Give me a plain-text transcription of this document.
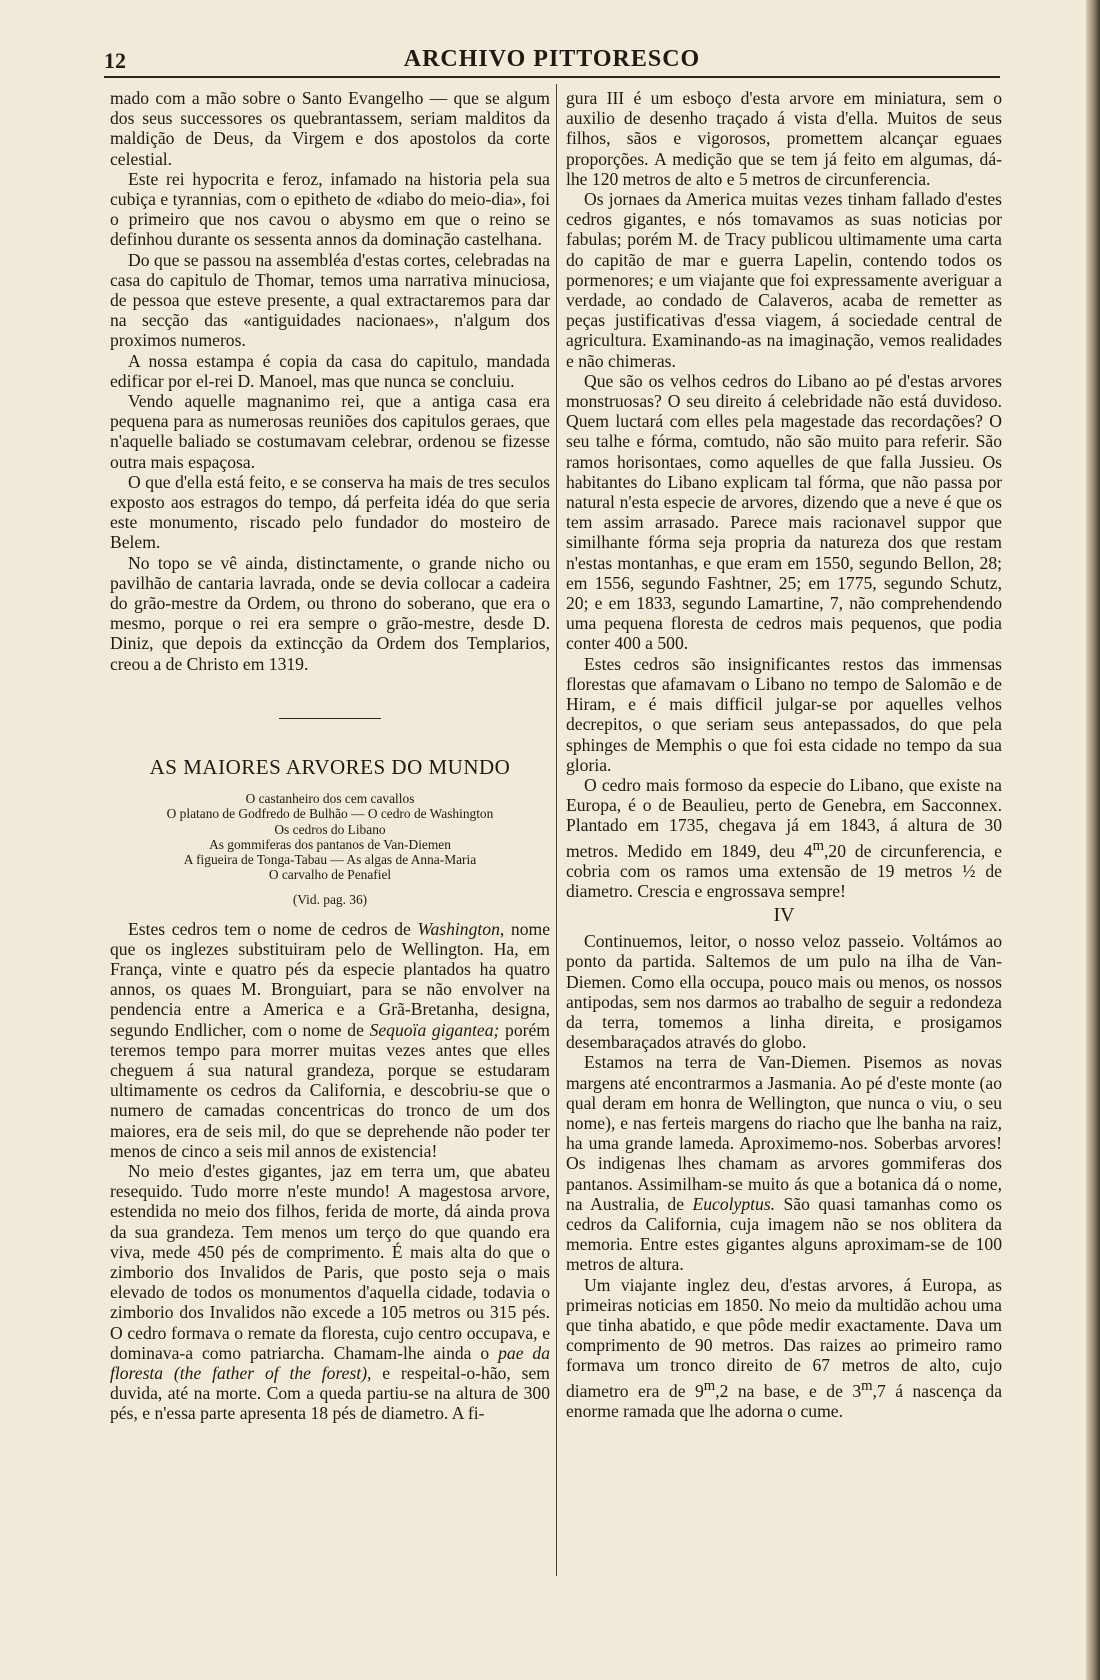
12	ARCHIVO PITTORESCO

mado com a mão sobre o Santo Evangelho — que se algum dos seus successores os quebrantassem, seriam malditos da maldição de Deus, da Virgem e dos apostolos da corte celestial.

Este rei hypocrita e feroz, infamado na historia pela sua cubiça e tyrannias, com o epitheto de «diabo do meio-dia», foi o primeiro que nos cavou o abysmo em que o reino se definhou durante os sessenta annos da dominação castelhana.

Do que se passou na assembléa d'estas cortes, celebradas na casa do capitulo de Thomar, temos uma narrativa minuciosa, de pessoa que esteve presente, a qual extractaremos para dar na secção das «antiguidades nacionaes», n'algum dos proximos numeros.

A nossa estampa é copia da casa do capitulo, mandada edificar por el-rei D. Manoel, mas que nunca se concluiu.

Vendo aquelle magnanimo rei, que a antiga casa era pequena para as numerosas reuniões dos capitulos geraes, que n'aquelle baliado se costumavam celebrar, ordenou se fizesse outra mais espaçosa.

O que d'ella está feito, e se conserva ha mais de tres seculos exposto aos estragos do tempo, dá perfeita idéa do que seria este monumento, riscado pelo fundador do mosteiro de Belem.

No topo se vê ainda, distinctamente, o grande nicho ou pavilhão de cantaria lavrada, onde se devia collocar a cadeira do grão-mestre da Ordem, ou throno do soberano, que era o mesmo, porque o rei era sempre o grão-mestre, desde D. Diniz, que depois da extincção da Ordem dos Templarios, creou a de Christo em 1319.

AS MAIORES ARVORES DO MUNDO
O castanheiro dos cem cavallos
O platano de Godfredo de Bulhão — O cedro de Washington
Os cedros do Libano
As gommiferas dos pantanos de Van-Diemen
A figueira de Tonga-Tabau — As algas de Anna-Maria
O carvalho de Penafiel
(Vid. pag. 36)

Estes cedros tem o nome de cedros de Washington, nome que os inglezes substituiram pelo de Wellington. Ha, em França, vinte e quatro pés da especie plantados ha quatro annos, os quaes M. Bronguiart, para se não envolver na pendencia entre a America e a Grã-Bretanha, designa, segundo Endlicher, com o nome de Sequoïa gigantea; porém teremos tempo para morrer muitas vezes antes que elles cheguem á sua natural grandeza, porque se estudaram ultimamente os cedros da California, e descobriu-se que o numero de camadas concentricas do tronco de um dos maiores, era de seis mil, do que se deprehende não poder ter menos de cinco a seis mil annos de existencia!

No meio d'estes gigantes, jaz em terra um, que abateu resequido. Tudo morre n'este mundo! A magestosa arvore, estendida no meio dos filhos, ferida de morte, dá ainda prova da sua grandeza. Tem menos um terço do que quando era viva, mede 450 pés de comprimento. É mais alta do que o zimborio dos Invalidos de Paris, que posto seja o mais elevado de todos os monumentos d'aquella cidade, todavia o zimborio dos Invalidos não excede a 105 metros ou 315 pés. O cedro formava o remate da floresta, cujo centro occupava, e dominava-a como patriarcha. Chamam-lhe ainda o pae da floresta (the father of the forest), e respeital-o-hão, sem duvida, até na morte. Com a queda partiu-se na altura de 300 pés, e n'essa parte apresenta 18 pés de diametro. A fi-

gura III é um esboço d'esta arvore em miniatura, sem o auxilio de desenho traçado á vista d'ella. Muitos de seus filhos, sãos e vigorosos, promettem alcançar eguaes proporções. A medição que se tem já feito em algumas, dá-lhe 120 metros de alto e 5 metros de circunferencia.

Os jornaes da America muitas vezes tinham fallado d'estes cedros gigantes, e nós tomavamos as suas noticias por fabulas; porém M. de Tracy publicou ultimamente uma carta do capitão de mar e guerra Lapelin, contendo todos os pormenores; e um viajante que foi expressamente averiguar a verdade, ao condado de Calaveros, acaba de remetter as peças justificativas d'essa viagem, á sociedade central de agricultura. Examinando-as na imaginação, vemos realidades e não chimeras.

Que são os velhos cedros do Libano ao pé d'estas arvores monstruosas? O seu direito á celebridade não está duvidoso. Quem luctará com elles pela magestade das recordações? O seu talhe e fórma, comtudo, não são muito para referir. São ramos horisontaes, como aquelles de que falla Jussieu. Os habitantes do Libano explicam tal fórma, que não passa por natural n'esta especie de arvores, dizendo que a neve é que os tem assim arrasado. Parece mais racionavel suppor que similhante fórma seja propria da natureza dos que restam n'estas montanhas, e que eram em 1550, segundo Bellon, 28; em 1556, segundo Fashtner, 25; em 1775, segundo Schutz, 20; e em 1833, segundo Lamartine, 7, não comprehendendo uma pequena floresta de cedros mais pequenos, que podia conter 400 a 500.

Estes cedros são insignificantes restos das immensas florestas que afamavam o Libano no tempo de Salomão e de Hiram, e é mais difficil julgar-se por aquelles velhos decrepitos, o que seriam seus antepassados, do que pela sphinges de Memphis o que foi esta cidade no tempo da sua gloria.

O cedro mais formoso da especie do Libano, que existe na Europa, é o de Beaulieu, perto de Genebra, em Sacconnex. Plantado em 1735, chegava já em 1843, á altura de 30 metros. Medido em 1849, deu 4$^m$,20 de circunferencia, e cobria com os ramos uma extensão de 19 metros ½ de diametro. Crescia e engrossava sempre!

IV

Continuemos, leitor, o nosso veloz passeio. Voltámos ao ponto da partida. Saltemos de um pulo na ilha de Van-Diemen. Como ella occupa, pouco mais ou menos, os nossos antipodas, sem nos darmos ao trabalho de seguir a redondeza da terra, tomemos a linha direita, e prosigamos desembaraçados através do globo.

Estamos na terra de Van-Diemen. Pisemos as novas margens até encontrarmos a Jasmania. Ao pé d'este monte (ao qual deram em honra de Wellington, que nunca o viu, o seu nome), e nas ferteis margens do riacho que lhe banha na raiz, ha uma grande lameda. Aproximemo-nos. Soberbas arvores! Os indigenas lhes chamam as arvores gommiferas dos pantanos. Assimilham-se muito ás que a botanica dá o nome, na Australia, de Eucolyptus. São quasi tamanhas como os cedros da California, cuja imagem não se nos oblitera da memoria. Entre estes gigantes alguns aproximam-se de 100 metros de altura.

Um viajante inglez deu, d'estas arvores, á Europa, as primeiras noticias em 1850. No meio da multidão achou uma que tinha abatido, e que pôde medir exactamente. Dava um comprimento de 90 metros. Das raizes ao primeiro ramo formava um tronco direito de 67 metros de alto, cujo diametro era de 9$^m$,2 na base, e de 3$^m$,7 á nascença da enorme ramada que lhe adorna o cume.
